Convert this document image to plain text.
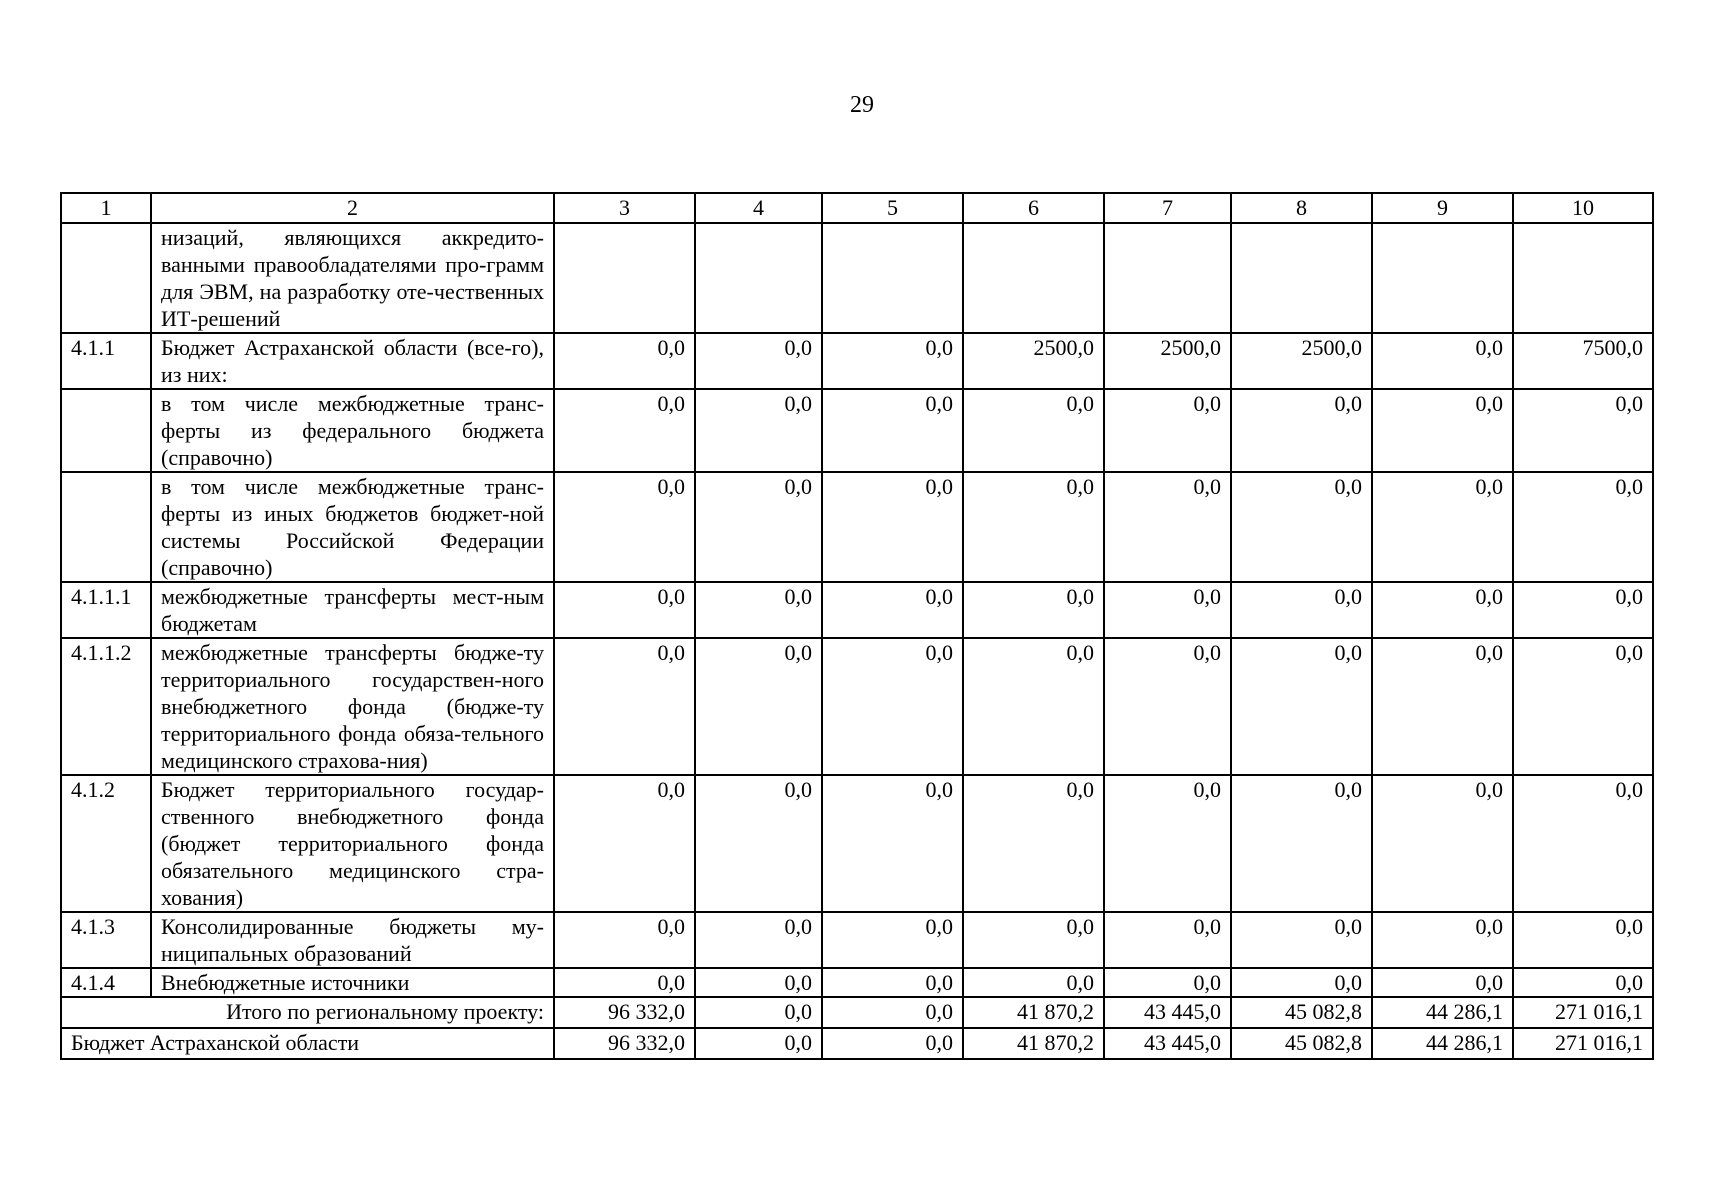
29
1	2	3	4	5	6	7	8	9	10
	низаций, являющихся аккредито-ванными правообладателями про-грамм для ЭВМ, на разработку оте-чественных ИТ-решений								
4.1.1	Бюджет Астраханской области (все-го), из них:	0,0	0,0	0,0	2500,0	2500,0	2500,0	0,0	7500,0
	в том числе межбюджетные транс-ферты из федерального бюджета (справочно)	0,0	0,0	0,0	0,0	0,0	0,0	0,0	0,0
	в том числе межбюджетные транс-ферты из иных бюджетов бюджет-ной системы Российской Федерации (справочно)	0,0	0,0	0,0	0,0	0,0	0,0	0,0	0,0
4.1.1.1	межбюджетные трансферты мест-ным бюджетам	0,0	0,0	0,0	0,0	0,0	0,0	0,0	0,0
4.1.1.2	межбюджетные трансферты бюдже-ту территориального государствен-ного внебюджетного фонда (бюдже-ту территориального фонда обяза-тельного медицинского страхова-ния)	0,0	0,0	0,0	0,0	0,0	0,0	0,0	0,0
4.1.2	Бюджет территориального государ-ственного внебюджетного фонда (бюджет территориального фонда обязательного медицинского стра-хования)	0,0	0,0	0,0	0,0	0,0	0,0	0,0	0,0
4.1.3	Консолидированные бюджеты му-ниципальных образований	0,0	0,0	0,0	0,0	0,0	0,0	0,0	0,0
4.1.4	Внебюджетные источники	0,0	0,0	0,0	0,0	0,0	0,0	0,0	0,0
Итого по региональному проекту:		96 332,0	0,0	0,0	41 870,2	43 445,0	45 082,8	44 286,1	271 016,1
Бюджет Астраханской области		96 332,0	0,0	0,0	41 870,2	43 445,0	45 082,8	44 286,1	271 016,1
